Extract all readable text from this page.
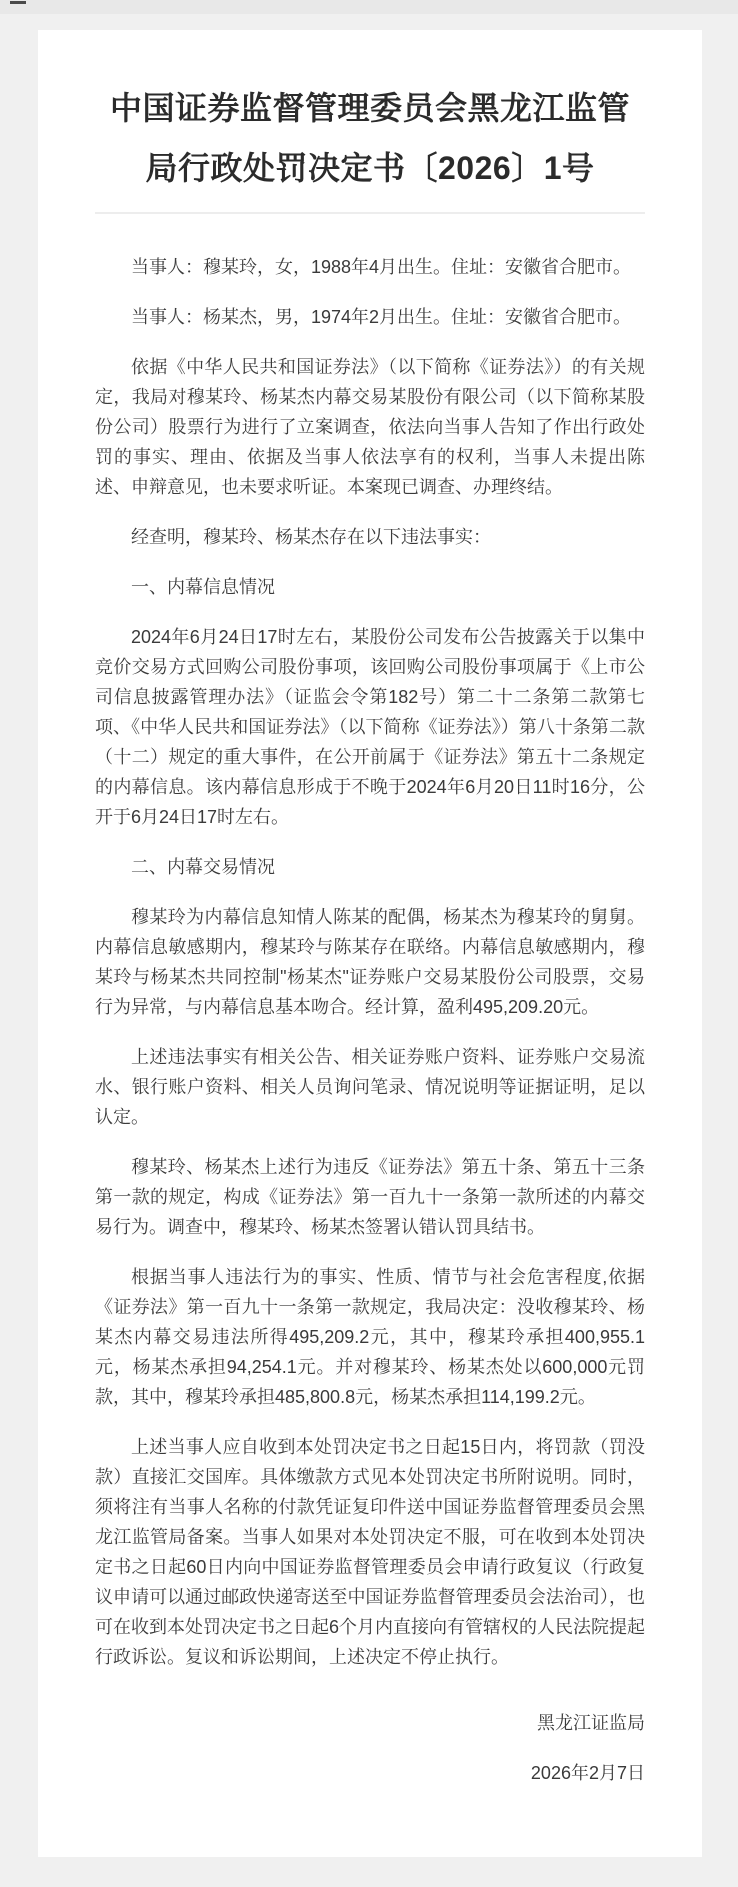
中国证券监督管理委员会黑龙江监管局行政处罚决定书〔2026〕1号

当事人：穆某玲，女，1988年4月出生。住址：安徽省合肥市。

当事人：杨某杰，男，1974年2月出生。住址：安徽省合肥市。

依据《中华人民共和国证券法》（以下简称《证券法》）的有关规定，我局对穆某玲、杨某杰内幕交易某股份有限公司（以下简称某股份公司）股票行为进行了立案调查，依法向当事人告知了作出行政处罚的事实、理由、依据及当事人依法享有的权利，当事人未提出陈述、申辩意见，也未要求听证。本案现已调查、办理终结。

经查明，穆某玲、杨某杰存在以下违法事实：

一、内幕信息情况

2024年6月24日17时左右，某股份公司发布公告披露关于以集中竞价交易方式回购公司股份事项，该回购公司股份事项属于《上市公司信息披露管理办法》（证监会令第182号）第二十二条第二款第七项、《中华人民共和国证券法》（以下简称《证券法》）第八十条第二款（十二）规定的重大事件，在公开前属于《证券法》第五十二条规定的内幕信息。该内幕信息形成于不晚于2024年6月20日11时16分，公开于6月24日17时左右。

二、内幕交易情况

穆某玲为内幕信息知情人陈某的配偶，杨某杰为穆某玲的舅舅。内幕信息敏感期内，穆某玲与陈某存在联络。内幕信息敏感期内，穆某玲与杨某杰共同控制"杨某杰"证券账户交易某股份公司股票，交易行为异常，与内幕信息基本吻合。经计算，盈利495,209.20元。

上述违法事实有相关公告、相关证券账户资料、证券账户交易流水、银行账户资料、相关人员询问笔录、情况说明等证据证明，足以认定。

穆某玲、杨某杰上述行为违反《证券法》第五十条、第五十三条第一款的规定，构成《证券法》第一百九十一条第一款所述的内幕交易行为。调查中，穆某玲、杨某杰签署认错认罚具结书。

根据当事人违法行为的事实、性质、情节与社会危害程度,依据《证券法》第一百九十一条第一款规定，我局决定：没收穆某玲、杨某杰内幕交易违法所得495,209.2元，其中，穆某玲承担400,955.1元，杨某杰承担94,254.1元。并对穆某玲、杨某杰处以600,000元罚款，其中，穆某玲承担485,800.8元，杨某杰承担114,199.2元。

上述当事人应自收到本处罚决定书之日起15日内，将罚款（罚没款）直接汇交国库。具体缴款方式见本处罚决定书所附说明。同时，须将注有当事人名称的付款凭证复印件送中国证券监督管理委员会黑龙江监管局备案。当事人如果对本处罚决定不服，可在收到本处罚决定书之日起60日内向中国证券监督管理委员会申请行政复议（行政复议申请可以通过邮政快递寄送至中国证券监督管理委员会法治司），也可在收到本处罚决定书之日起6个月内直接向有管辖权的人民法院提起行政诉讼。复议和诉讼期间，上述决定不停止执行。

黑龙江证监局

2026年2月7日
